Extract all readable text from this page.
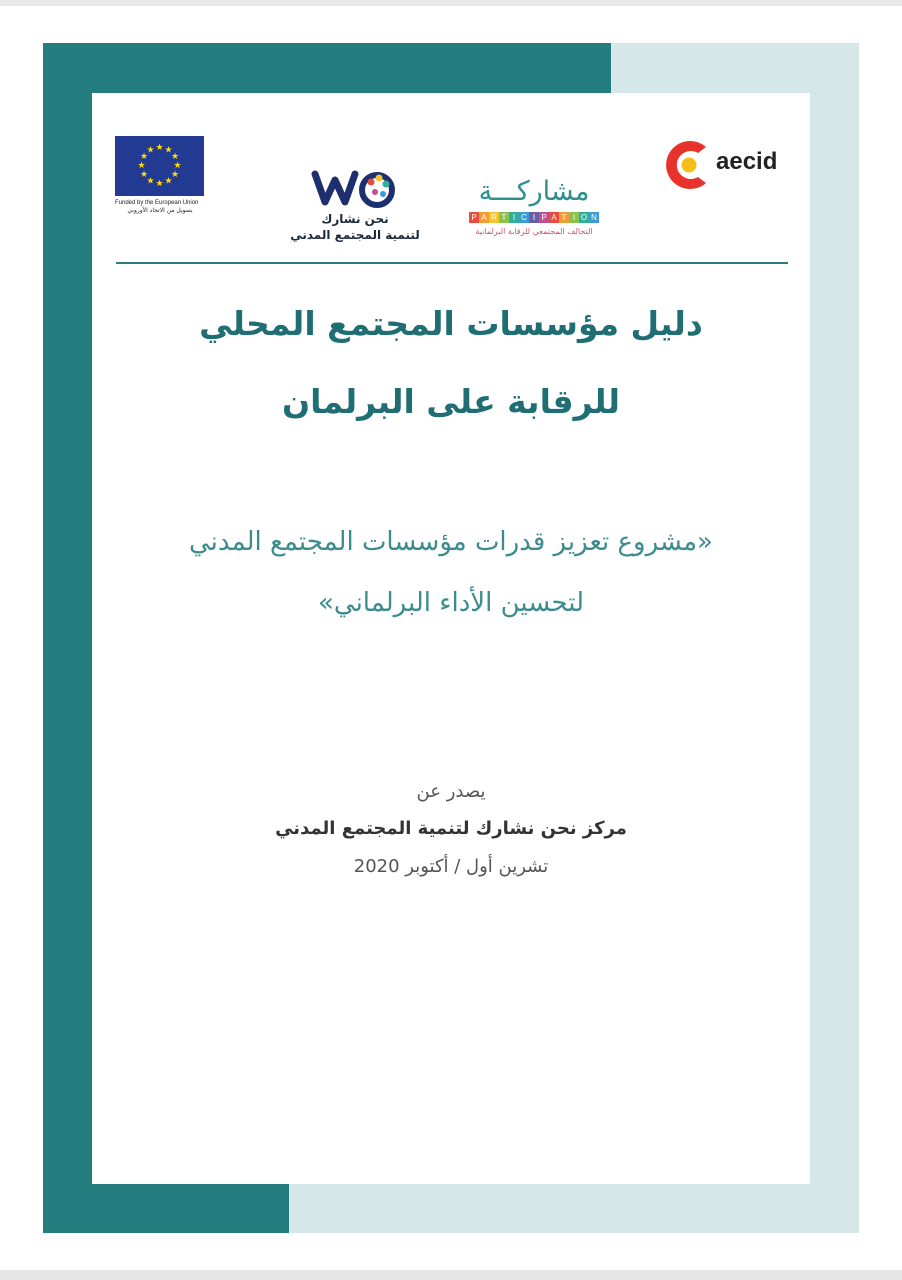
★ ★
★
★
★
★
★
★
★
★
★
★
Funded by the European Union
بتمويل من الاتحاد الأوروبي
نحن نشارك
لتنمية المجتمع المدني
مشاركـــة
P A R T I C I P A T I O N
التحالف المجتمعي للرقابة البرلمانية
aecid
دليل مؤسسات المجتمع المحلي
للرقابة على البرلمان
«مشروع تعزيز قدرات مؤسسات المجتمع المدني
لتحسين الأداء البرلماني»
يصدر عن
مركز نحن نشارك لتنمية المجتمع المدني
تشرين أول / أكتوبر 2020
